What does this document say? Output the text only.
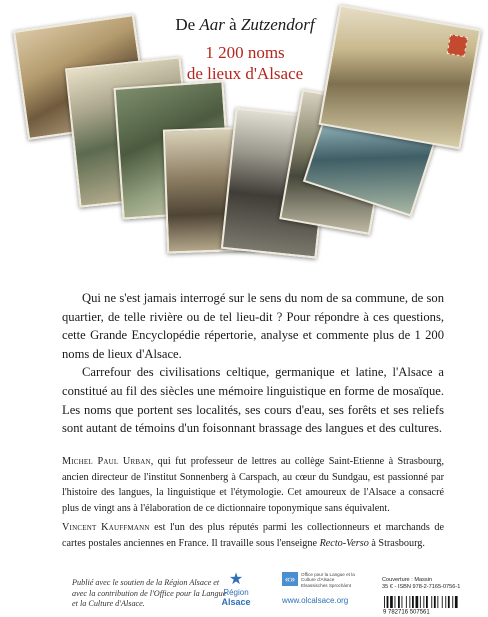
De Aar à Zutzendorf
1 200 noms
de lieux d'Alsace

Qui ne s'est jamais interrogé sur le sens du nom de sa commune, de son quartier, de telle rivière ou de tel lieu-dit ? Pour répondre à ces questions, cette Grande Encyclopédie répertorie, analyse et commente plus de 1 200 noms de lieux d'Alsace.

Carrefour des civilisations celtique, germanique et latine, l'Alsace a constitué au fil des siècles une mémoire linguistique en forme de mosaïque. Les noms que portent ses localités, ses cours d'eau, ses forêts et ses reliefs sont autant de témoins d'un foisonnant brassage des langues et des cultures.

Michel Paul Urban, qui fut professeur de lettres au collège Saint-Etienne à Strasbourg, ancien directeur de l'institut Sonnenberg à Carspach, au cœur du Sundgau, est passionné par l'histoire des langues, la linguistique et l'étymologie. Cet amoureux de l'Alsace a consacré plus de vingt ans à l'élaboration de ce dictionnaire toponymique sans équivalent.

Vincent Kauffmann est l'un des plus réputés parmi les collectionneurs et marchands de cartes postales anciennes en France. Il travaille sous l'enseigne Recto-Verso à Strasbourg.

Publié avec le soutien de la Région Alsace et avec la contribution de l'Office pour la Langue et la Culture d'Alsace.
★
Région
Alsace
«»	Office pour la Langue et la Culture d'Alsace Elsassisches Sprochàmt
www.olcalsace.org
Couverture : Massin
35 € - ISBN 978-2-7165-0756-1
9 782716 507561
